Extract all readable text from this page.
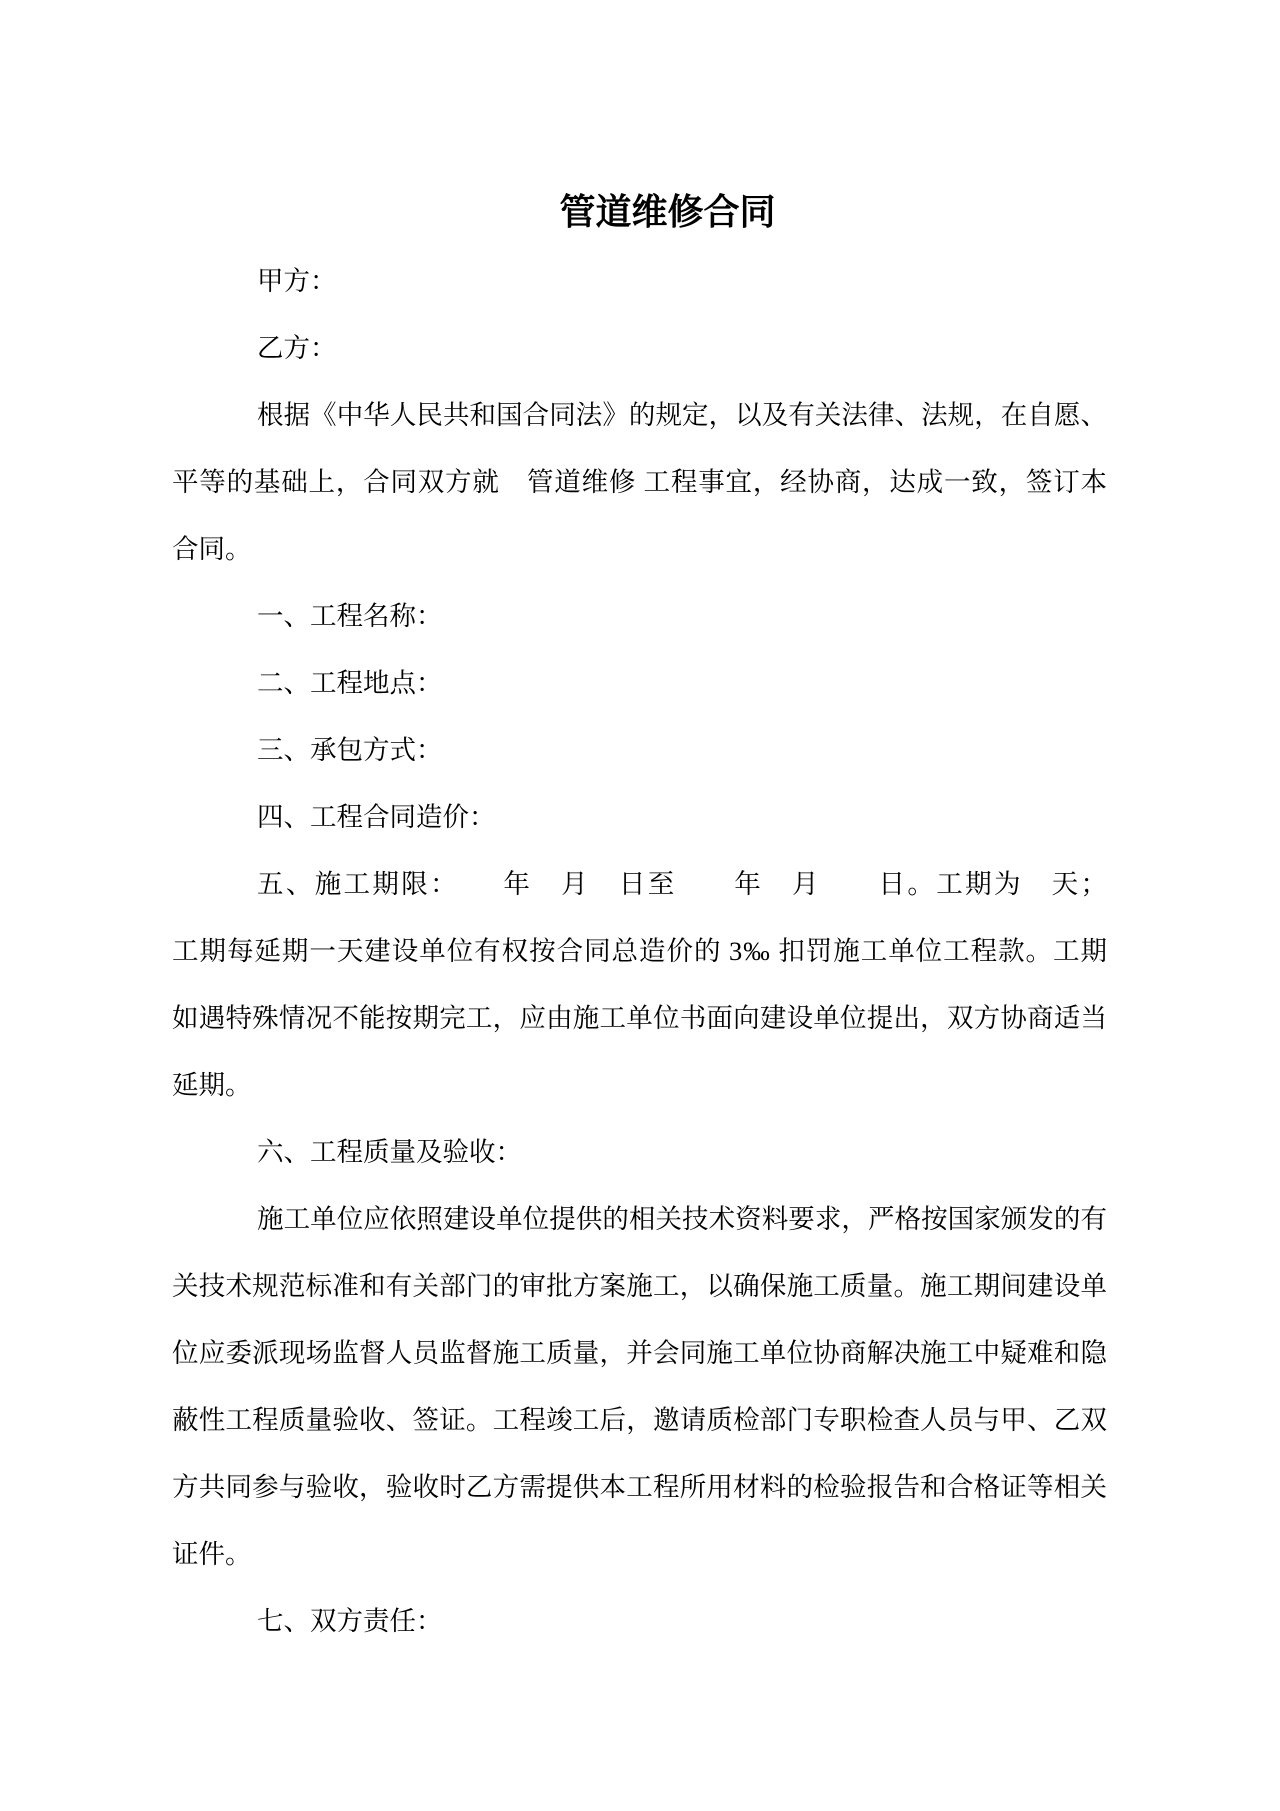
管道维修合同
甲方：
乙方：
根据《中华人民共和国合同法》的规定，以及有关法律、法规，在自愿、
平等的基础上，合同双方就　管道维修 工程事宜，经协商，达成一致，签订本
合同。
一、工程名称：
二、工程地点：
三、承包方式：
四、工程合同造价：
五、施工期限：　　年　月　日至　　年　月　　日。工期为　天；
工期每延期一天建设单位有权按合同总造价的 3‰ 扣罚施工单位工程款。工期
如遇特殊情况不能按期完工，应由施工单位书面向建设单位提出，双方协商适当
延期。
六、工程质量及验收：
施工单位应依照建设单位提供的相关技术资料要求，严格按国家颁发的有
关技术规范标准和有关部门的审批方案施工，以确保施工质量。施工期间建设单
位应委派现场监督人员监督施工质量，并会同施工单位协商解决施工中疑难和隐
蔽性工程质量验收、签证。工程竣工后，邀请质检部门专职检查人员与甲、乙双
方共同参与验收，验收时乙方需提供本工程所用材料的检验报告和合格证等相关
证件。
七、双方责任：
